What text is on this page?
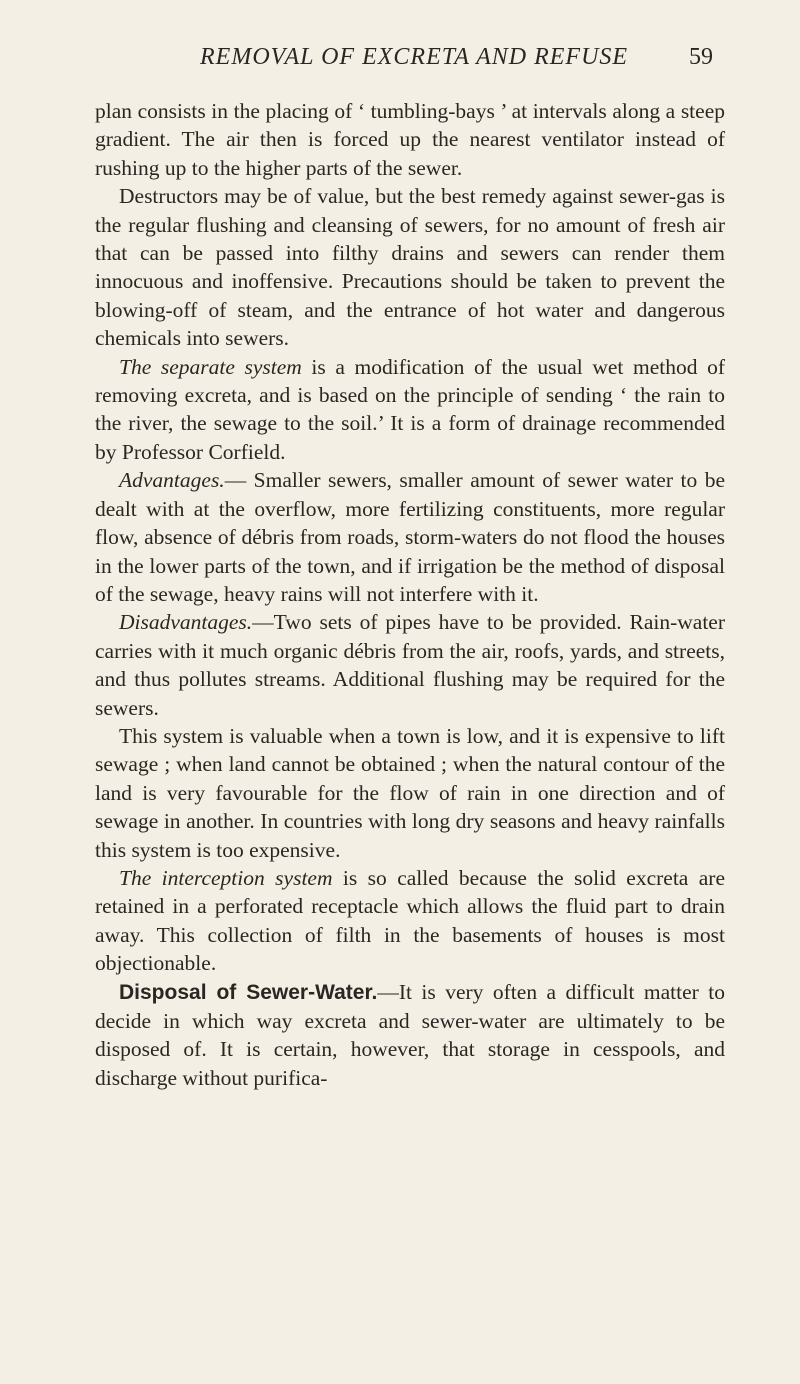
REMOVAL OF EXCRETA AND REFUSE	59

plan consists in the placing of ‘ tumbling-bays ’ at intervals along a steep gradient. The air then is forced up the nearest ventilator instead of rushing up to the higher parts of the sewer.

Destructors may be of value, but the best remedy against sewer-gas is the regular flushing and cleansing of sewers, for no amount of fresh air that can be passed into filthy drains and sewers can render them innocuous and inoffensive. Precautions should be taken to prevent the blowing-off of steam, and the entrance of hot water and dangerous chemicals into sewers.

The separate system is a modification of the usual wet method of removing excreta, and is based on the principle of sending ‘ the rain to the river, the sewage to the soil.’ It is a form of drainage recommended by Professor Corfield.

Advantages.— Smaller sewers, smaller amount of sewer water to be dealt with at the overflow, more fertilizing constituents, more regular flow, absence of débris from roads, storm-waters do not flood the houses in the lower parts of the town, and if irrigation be the method of disposal of the sewage, heavy rains will not interfere with it.

Disadvantages.—Two sets of pipes have to be provided. Rain-water carries with it much organic débris from the air, roofs, yards, and streets, and thus pollutes streams. Additional flushing may be required for the sewers.

This system is valuable when a town is low, and it is expensive to lift sewage ; when land cannot be obtained ; when the natural contour of the land is very favourable for the flow of rain in one direction and of sewage in another. In countries with long dry seasons and heavy rainfalls this system is too expensive.

The interception system is so called because the solid excreta are retained in a perforated receptacle which allows the fluid part to drain away. This collection of filth in the basements of houses is most objectionable.

Disposal of Sewer-Water.—It is very often a difficult matter to decide in which way excreta and sewer-water are ultimately to be disposed of. It is certain, however, that storage in cesspools, and discharge without purifica-
